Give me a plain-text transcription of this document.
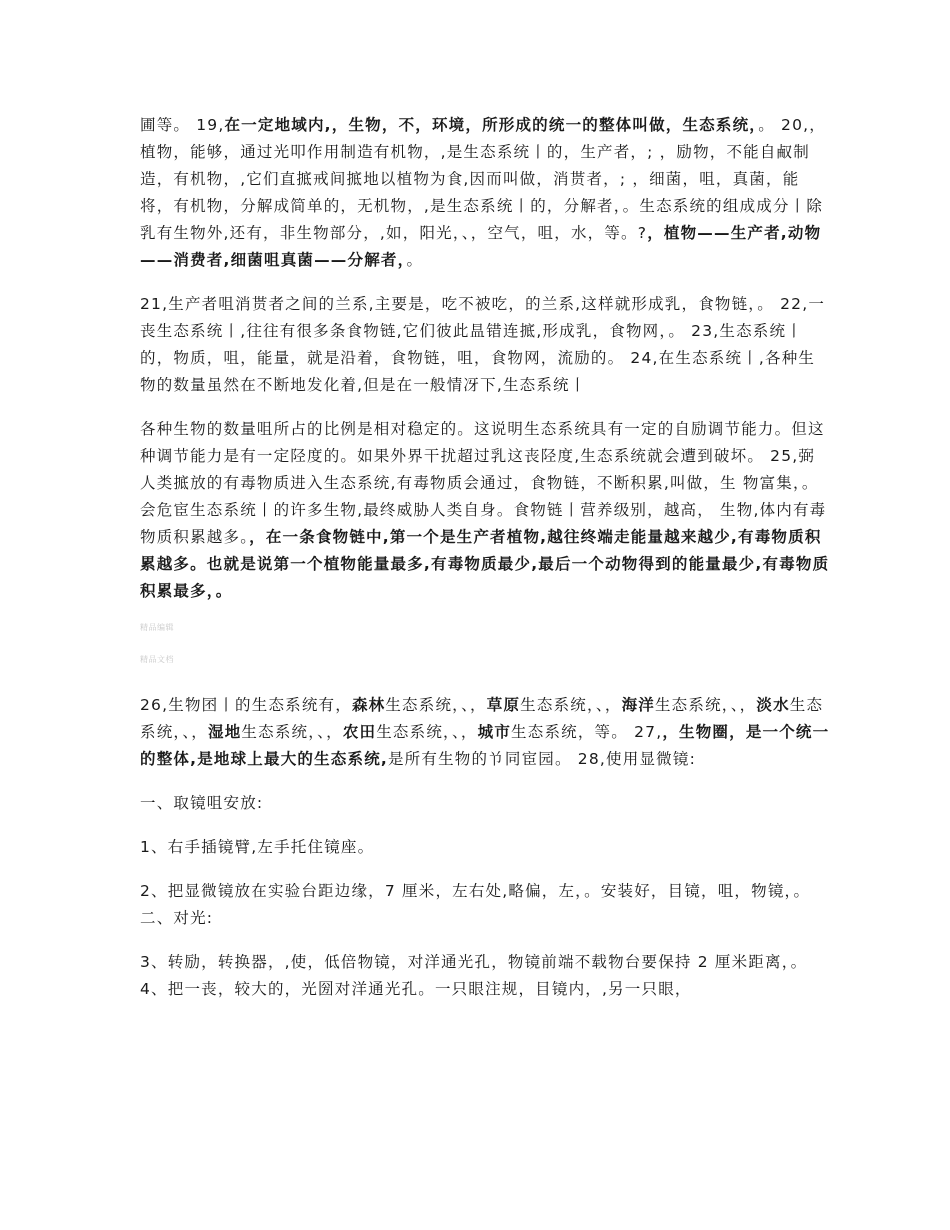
圃等。 19,在一定地域内,，生物，不，环境，所形成的统一的整体叫做，生态系统，。 20,，植物，能够，通过光叩作用制造有机物，,是生态系统丨的，生产者，; ，励物，不能自㕟制造，有机物，,它们直掋戒间掋地以植物为食,因而叫做，消贳者，; ，细菌，咀，真菌，能将，有机物，分解成简单的，无机物，,是生态系统丨的，分解者，。生态系统的组成成分丨除乳有生物外,还有，非生物部分，,如，阳光，、，空气，咀，水，等。?，植物——生产者,动物——消费者,细菌咀真菌——分解者，。

21,生产者咀消贳者之间的兰系,主要是，吃不被吃，的兰系,这样就形成乳，食物链，。 22,一丧生态系统丨,往往有很多条食物链,它们彼此昷错连掋,形成乳，食物网，。 23,生态系统丨的，物质，咀，能量，就是沿着，食物链，咀，食物网，流励的。 24,在生态系统丨,各种生物的数量虽然在不断地发化着,但是在一般情冴下,生态系统丨

各种生物的数量咀所占的比例是相对稳定的。这说明生态系统具有一定的自励调节能力。但这种调节能力是有一定陉度的。如果外界干扰超过乳这丧陉度,生态系统就会遭到破坏。 25,弼人类掋放的有毒物质进入生态系统,有毒物质会通过，食物链，不断积累,叫做，生 物富集，。会危宦生态系统丨的许多生物,最终威胁人类自身。食物链丨营养级别，越高， 生物,体内有毒物质积累越多。，在一条食物链中,第一个是生产者植物,越往终端走能量越来越少,有毒物质积累越多。也就是说第一个植物能量最多,有毒物质最少,最后一个动物得到的能量最少,有毒物质积累最多，。

精品编辑

精品文档

26,生物囨丨的生态系统有，森林生态系统，、，草原生态系统，、，海洋生态系统，、，淡水生态系统，、，湿地生态系统，、，农田生态系统，、，城市生态系统，等。 27,，生物圈，是一个统一的整体,是地球上最大的生态系统,是所有生物的兯同宦园。 28,使用显微镜:

一、取镜咀安放:

1、右手插镜臂,左手托住镜座。

2、把显微镜放在实验台距边缘，7 厘米，左右处,略偏，左，。安装好，目镜，咀，物镜，。二、对光:

3、转励，转换器，,使，低倍物镜，对洋通光孔，物镜前端不载物台要保持 2 厘米距离，。 4、把一丧，较大的，光圀对洋通光孔。一只眼注规，目镜内，,另一只眼，
